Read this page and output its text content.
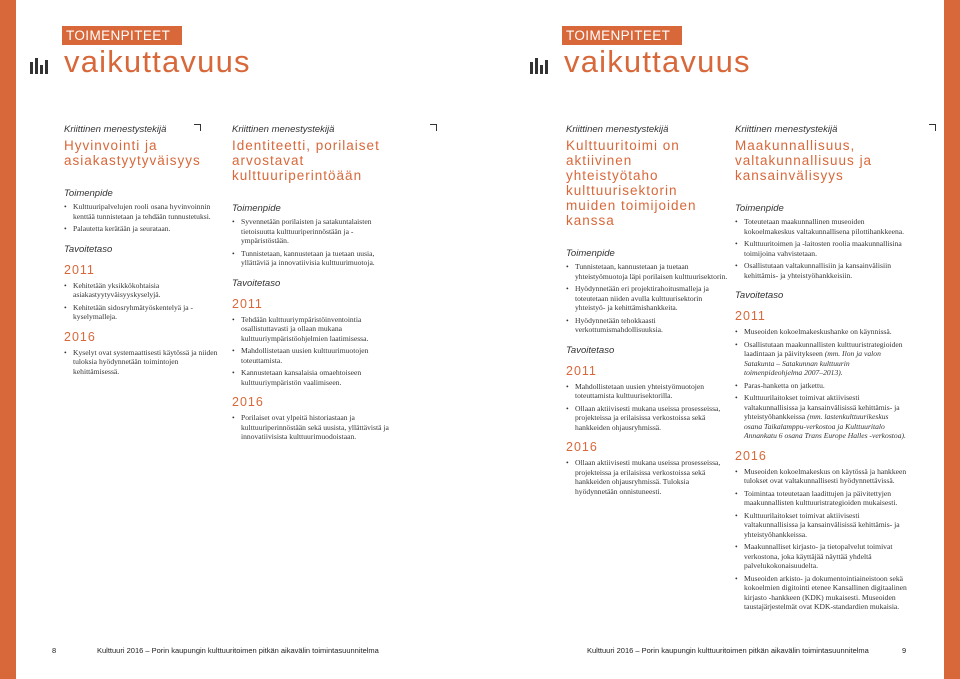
TOIMENPITEET
vaikuttavuus
Kriittinen menestystekijä
Hyvinvointi ja asiakastyytyväisyys
Toimenpide
• Kulttuuripalvelujen rooli osana hyvinvoinnin kenttää tunnistetaan ja tehdään tunnustetuksi.
• Palautetta kerätään ja seurataan.
Tavoitetaso
2011
• Kehitetään yksikkökohtaisia asiakastyytyväisyyskyselyjä.
• Kehitetään sidosryhmätyöskentelyä ja -kyselymalleja.
2016
• Kyselyt ovat systemaattisesti käytössä ja niiden tuloksia hyödynnetään toimintojen kehittämisessä.
Kriittinen menestystekijä
Identiteetti, porilaiset arvostavat kulttuuriperintöään
Toimenpide
• Syvennetään porilaisten ja satakuntalaisten tietoisuutta kulttuuriperinnöstään ja -ympäristöstään.
• Tunnistetaan, kannustetaan ja tuetaan uusia, yllättäviä ja innovatiivisia kulttuurimuotoja.
Tavoitetaso
2011
• Tehdään kulttuuriympäristöinventointia osallistuttavasti ja ollaan mukana kulttuuriympäristöohjelmien laatimisessa.
• Mahdollistetaan uusien kulttuurimuotojen toteuttamista.
• Kannustetaan kansalaisia omaehtoiseen kulttuuriympäristön vaalimiseen.
2016
• Porilaiset ovat ylpeitä historiastaan ja kulttuuriperinnöstään sekä uusista, yllättävistä ja innovatiivisista kulttuurimuodoistaan.
8	Kulttuuri 2016 – Porin kaupungin kulttuuritoimen pitkän aikavälin toimintasuunnitelma
TOIMENPITEET
vaikuttavuus
Kriittinen menestystekijä
Kulttuuritoimi on aktiivinen yhteistyötaho kulttuurisektorin muiden toimijoiden kanssa
Toimenpide
• Tunnistetaan, kannustetaan ja tuetaan yhteistyömuotoja läpi porilaisen kulttuurisektorin.
• Hyödynnetään eri projektirahoitusmalleja ja toteutetaan niiden avulla kulttuurisektorin yhteistyö- ja kehittämishankkeita.
• Hyödynnetään tehokkaasti verkottumismahdollisuuksia.
Tavoitetaso
2011
• Mahdollistetaan uusien yhteistyömuotojen toteuttamista kulttuurisektorilla.
• Ollaan aktiivisesti mukana useissa prosesseissa, projekteissa ja erilaisissa verkostoissa sekä hankkeiden ohjausryhmissä.
2016
• Ollaan aktiivisesti mukana useissa prosesseissa, projekteissa ja erilaisissa verkostoissa sekä hankkeiden ohjausryhmissä. Tuloksia hyödynnetään onnistuneesti.
Kriittinen menestystekijä
Maakunnallisuus, valtakunnallisuus ja kansainvälisyys
Toimenpide
• Toteutetaan maakunnallinen museoiden kokoelmakeskus valtakunnallisena pilottihankkeena.
• Kulttuuritoimen ja -laitosten roolia maakunnallisina toimijoina vahvistetaan.
• Osallistutaan valtakunnallisiin ja kansainvälisiin kehittämis- ja yhteistyöhankkeisiin.
Tavoitetaso
2011
• Museoiden kokoelmakeskushanke on käynnissä.
• Osallistutaan maakunnallisten kulttuuristrategioiden laadintaan ja päivitykseen (mm. Ilon ja valon Satakunta – Satakunnan kulttuurin toimenpideohjelma 2007–2013).
• Paras-hanketta on jatkettu.
• Kulttuurilaitokset toimivat aktiivisesti valtakunnallisissa ja kansainvälisissä kehittämis- ja yhteistyöhankkeissa (mm. lastenkulttuurikeskus osana Taikalamppu-verkostoa ja Kulttuuritalo Annankatu 6 osana Trans Europe Halles -verkostoa).
2016
• Museoiden kokoelmakeskus on käytössä ja hankkeen tulokset ovat valtakunnallisesti hyödynnettävissä.
• Toimintaa toteutetaan laadittujen ja päivitettyjen maakunnallisten kulttuuristrategioiden mukaisesti.
• Kulttuurilaitokset toimivat aktiivisesti valtakunnallisissa ja kansainvälisissä kehittämis- ja yhteistyöhankkeissa.
• Maakunnalliset kirjasto- ja tietopalvelut toimivat verkostona, joka käyttäjää näyttää yhdeltä palvelukokonaisuudelta.
• Museoiden arkisto- ja dokumentointiaineistoon sekä kokoelmien digitointi etenee Kansallinen digitaalinen kirjasto -hankkeen (KDK) mukaisesti. Museoiden taustajärjestelmät ovat KDK-standardien mukaisia.
Kulttuuri 2016 – Porin kaupungin kulttuuritoimen pitkän aikavälin toimintasuunnitelma	9
